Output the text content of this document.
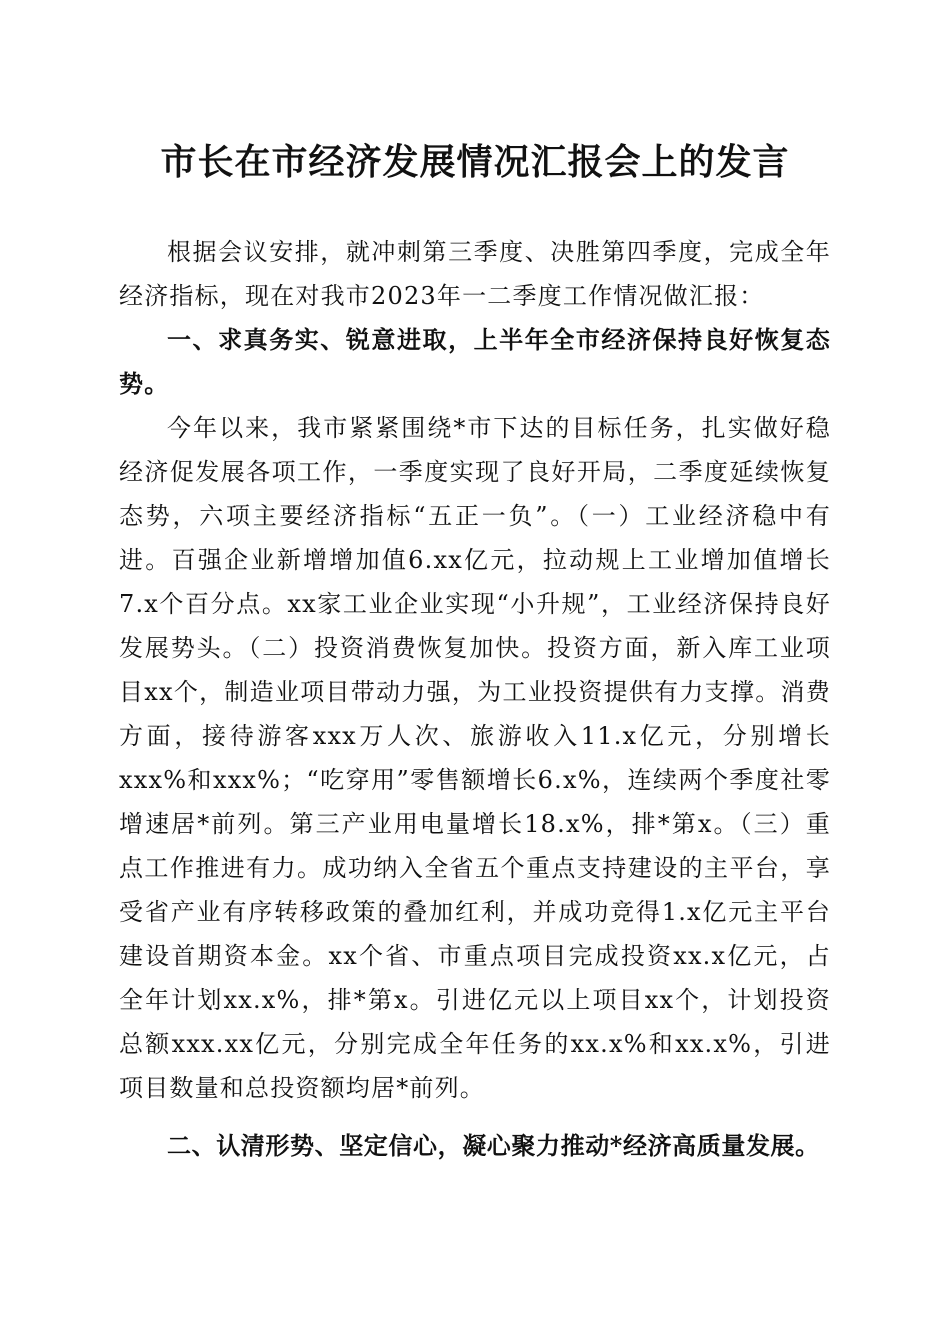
市长在市经济发展情况汇报会上的发言

根据会议安排，就冲刺第三季度、决胜第四季度，完成全年经济指标，现在对我市2023年一二季度工作情况做汇报：

一、求真务实、锐意进取，上半年全市经济保持良好恢复态势。

今年以来，我市紧紧围绕*市下达的目标任务，扎实做好稳经济促发展各项工作，一季度实现了良好开局，二季度延续恢复态势，六项主要经济指标“五正一负”。（一）工业经济稳中有进。百强企业新增增加值6.xx亿元，拉动规上工业增加值增长7.x个百分点。xx家工业企业实现“小升规”，工业经济保持良好发展势头。（二）投资消费恢复加快。投资方面，新入库工业项目xx个，制造业项目带动力强，为工业投资提供有力支撑。消费方面，接待游客xxx万人次、旅游收入11.x亿元，分别增长xxx%和xxx%；“吃穿用”零售额增长6.x%，连续两个季度社零增速居*前列。第三产业用电量增长18.x%，排*第x。（三）重点工作推进有力。成功纳入全省五个重点支持建设的主平台，享受省产业有序转移政策的叠加红利，并成功竞得1.x亿元主平台建设首期资本金。xx个省、市重点项目完成投资xx.x亿元，占全年计划xx.x%，排*第x。引进亿元以上项目xx个，计划投资总额xxx.xx亿元，分别完成全年任务的xx.x%和xx.x%，引进项目数量和总投资额均居*前列。

二、认清形势、坚定信心，凝心聚力推动*经济高质量发展。
